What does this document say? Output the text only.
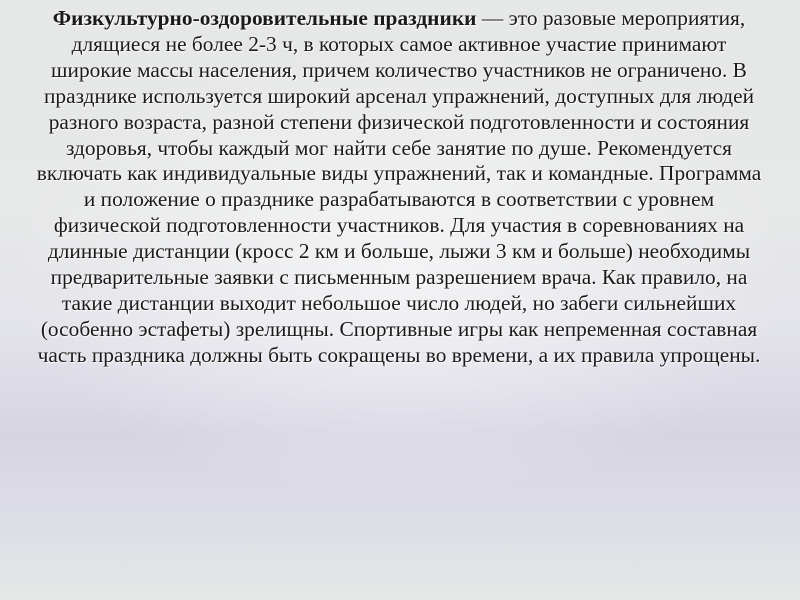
Физкультурно-оздоровительные праздники — это разовые мероприятия, длящиеся не более 2-3 ч, в которых самое активное участие принимают широкие массы населения, причем количество участников не ограничено. В празднике используется широкий арсенал упражнений, доступных для людей разного возраста, разной степени физической подготовленности и состояния здоровья, чтобы каждый мог найти себе занятие по душе. Рекомендуется включать как индивидуальные виды упражнений, так и командные. Программа и положение о празднике разрабатываются в соответствии с уровнем физической подготовленности участников. Для участия в соревнованиях на длинные дистанции (кросс 2 км и больше, лыжи 3 км и больше) необходимы предварительные заявки с письменным разрешением врача. Как правило, на такие дистанции выходит небольшое число людей, но забеги сильнейших (особенно эстафеты) зрелищны. Спортивные игры как непременная составная часть праздника должны быть сокращены во времени, а их правила упрощены.
